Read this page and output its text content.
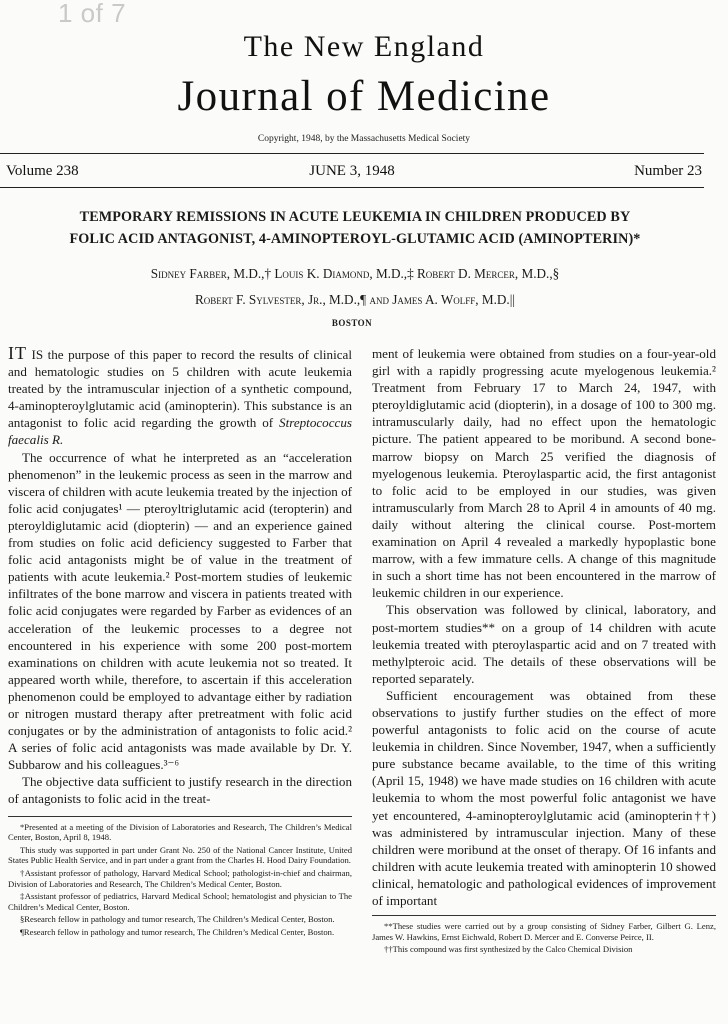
1 of 7
The New England
Journal of Medicine
Copyright, 1948, by the Massachusetts Medical Society
Volume 238	JUNE 3, 1948	Number 23
TEMPORARY REMISSIONS IN ACUTE LEUKEMIA IN CHILDREN PRODUCED BY
FOLIC ACID ANTAGONIST, 4-AMINOPTEROYL-GLUTAMIC ACID (AMINOPTERIN)*
Sidney Farber, M.D.,† Louis K. Diamond, M.D.,‡ Robert D. Mercer, M.D.,§
Robert F. Sylvester, Jr., M.D.,¶ and James A. Wolff, M.D.||
BOSTON

IT IS the purpose of this paper to record the results of clinical and hematologic studies on 5 children with acute leukemia treated by the intramuscular injection of a synthetic compound, 4-aminopteroylglutamic acid (aminopterin). This substance is an antagonist to folic acid regarding the growth of Streptococcus faecalis R.

The occurrence of what he interpreted as an “acceleration phenomenon” in the leukemic process as seen in the marrow and viscera of children with acute leukemia treated by the injection of folic acid conjugates¹ — pteroyltriglutamic acid (teropterin) and pteroyldiglutamic acid (diopterin) — and an experience gained from studies on folic acid deficiency suggested to Farber that folic acid antagonists might be of value in the treatment of patients with acute leukemia.² Post-mortem studies of leukemic infiltrates of the bone marrow and viscera in patients treated with folic acid conjugates were regarded by Farber as evidences of an acceleration of the leukemic processes to a degree not encountered in his experience with some 200 post-mortem examinations on children with acute leukemia not so treated. It appeared worth while, therefore, to ascertain if this acceleration phenomenon could be employed to advantage either by radiation or nitrogen mustard therapy after pretreatment with folic acid conjugates or by the administration of antagonists to folic acid.² A series of folic acid antagonists was made available by Dr. Y. Subbarow and his colleagues.³⁻⁶

The objective data sufficient to justify research in the direction of antagonists to folic acid in the treat-

*Presented at a meeting of the Division of Laboratories and Research, The Children’s Medical Center, Boston, April 8, 1948.

This study was supported in part under Grant No. 250 of the National Cancer Institute, United States Public Health Service, and in part under a grant from the Charles H. Hood Dairy Foundation.

†Assistant professor of pathology, Harvard Medical School; pathologist-in-chief and chairman, Division of Laboratories and Research, The Children’s Medical Center, Boston.

‡Assistant professor of pediatrics, Harvard Medical School; hematologist and physician to The Children’s Medical Center, Boston.

§Research fellow in pathology and tumor research, The Children’s Medical Center, Boston.

¶Research fellow in pathology and tumor research, The Children’s Medical Center, Boston.

ment of leukemia were obtained from studies on a four-year-old girl with a rapidly progressing acute myelogenous leukemia.² Treatment from February 17 to March 24, 1947, with pteroyldiglutamic acid (diopterin), in a dosage of 100 to 300 mg. intramuscularly daily, had no effect upon the hematologic picture. The patient appeared to be moribund. A second bone-marrow biopsy on March 25 verified the diagnosis of myelogenous leukemia. Pteroylaspartic acid, the first antagonist to folic acid to be employed in our studies, was given intramuscularly from March 28 to April 4 in amounts of 40 mg. daily without altering the clinical course. Post-mortem examination on April 4 revealed a markedly hypoplastic bone marrow, with a few immature cells. A change of this magnitude in such a short time has not been encountered in the marrow of leukemic children in our experience.

This observation was followed by clinical, laboratory, and post-mortem studies** on a group of 14 children with acute leukemia treated with pteroylaspartic acid and on 7 treated with methylpteroic acid. The details of these observations will be reported separately.

Sufficient encouragement was obtained from these observations to justify further studies on the effect of more powerful antagonists to folic acid on the course of acute leukemia in children. Since November, 1947, when a sufficiently pure substance became available, to the time of this writing (April 15, 1948) we have made studies on 16 children with acute leukemia to whom the most powerful folic antagonist we have yet encountered, 4-aminopteroylglutamic acid (aminopterin††) was administered by intramuscular injection. Many of these children were moribund at the onset of therapy. Of 16 infants and children with acute leukemia treated with aminopterin 10 showed clinical, hematologic and pathological evidences of improvement of important

**These studies were carried out by a group consisting of Sidney Farber, Gilbert G. Lenz, James W. Hawkins, Ernst Eichwald, Robert D. Mercer and E. Converse Peirce, II.

††This compound was first synthesized by the Calco Chemical Division
